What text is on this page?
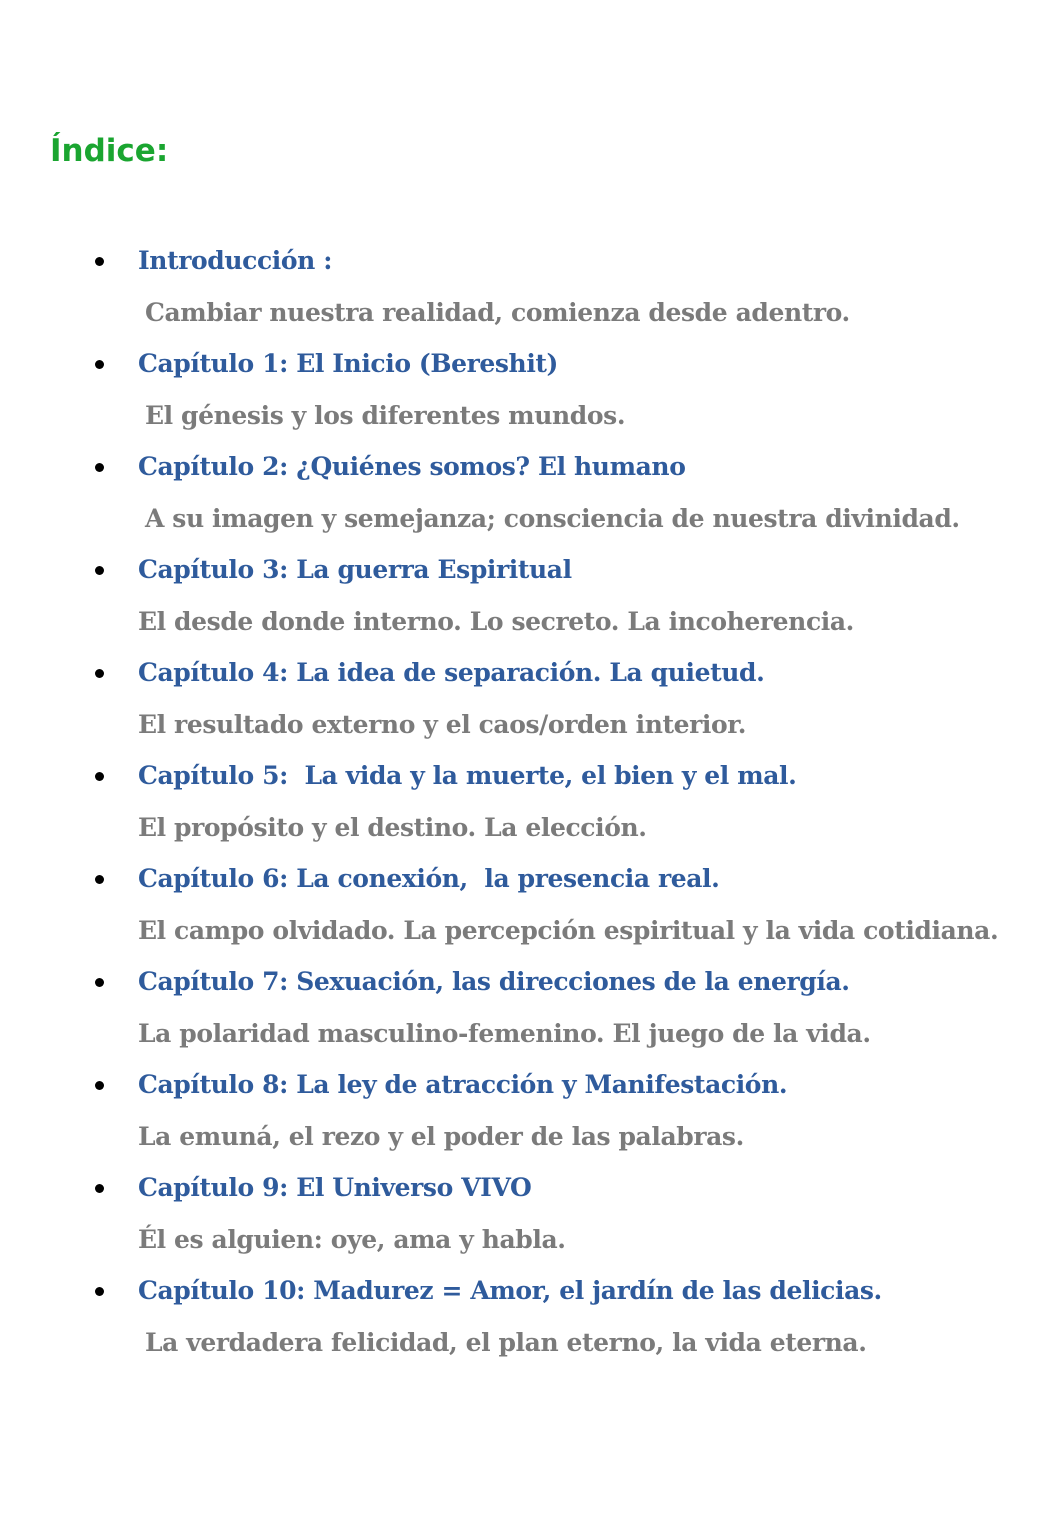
Índice:

Introducción :

Cambiar nuestra realidad, comienza desde adentro.

Capítulo 1: El Inicio (Bereshit)

El génesis y los diferentes mundos.

Capítulo 2: ¿Quiénes somos? El humano

A su imagen y semejanza; consciencia de nuestra divinidad.

Capítulo 3: La guerra Espiritual

El desde donde interno. Lo secreto. La incoherencia.

Capítulo 4: La idea de separación. La quietud.

El resultado externo y el caos/orden interior.

Capítulo 5:  La vida y la muerte, el bien y el mal.

El propósito y el destino. La elección.

Capítulo 6: La conexión,  la presencia real.

El campo olvidado. La percepción espiritual y la vida cotidiana.

Capítulo 7: Sexuación, las direcciones de la energía.

La polaridad masculino-femenino. El juego de la vida.

Capítulo 8: La ley de atracción y Manifestación.

La emuná, el rezo y el poder de las palabras.

Capítulo 9: El Universo VIVO

Él es alguien: oye, ama y habla.

Capítulo 10: Madurez = Amor, el jardín de las delicias.

La verdadera felicidad, el plan eterno, la vida eterna.
